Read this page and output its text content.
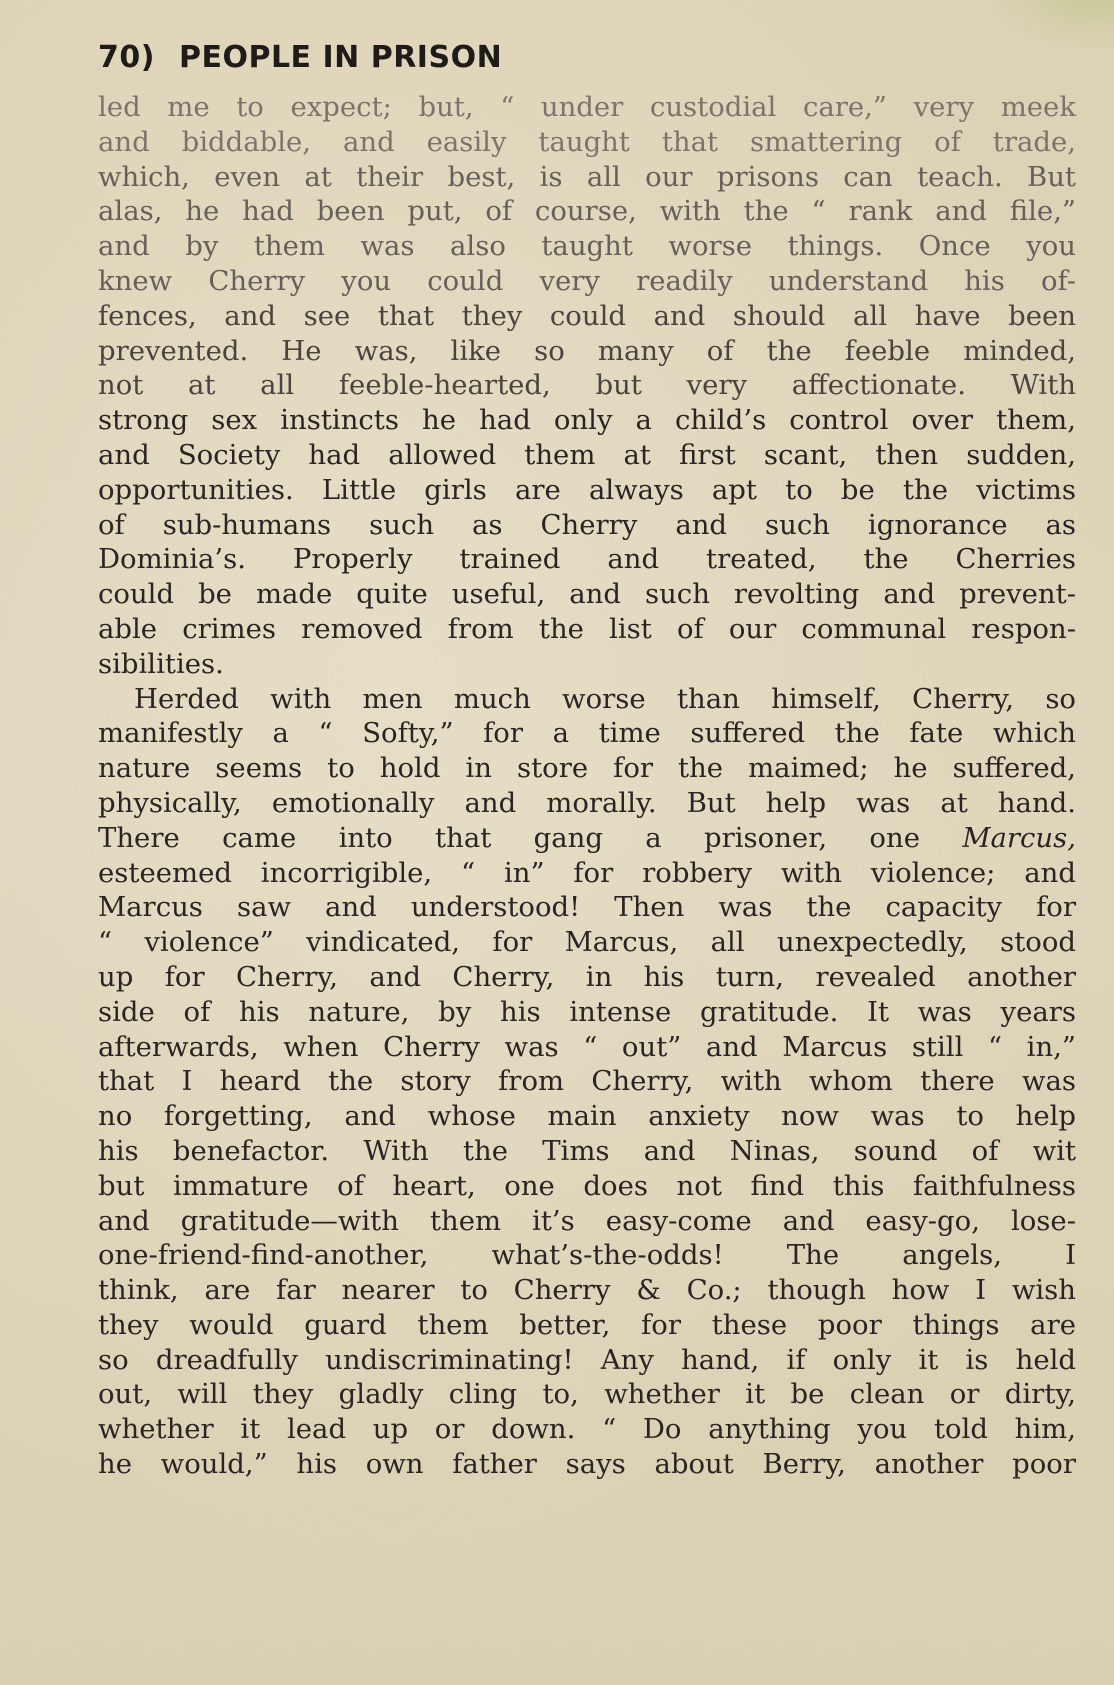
70) PEOPLE IN PRISON
led me to expect; but, “ under custodial care,” very meek
and biddable, and easily taught that smattering of trade,
which, even at their best, is all our prisons can teach. But
alas, he had been put, of course, with the “ rank and file,”
and by them was also taught worse things. Once you
knew Cherry you could very readily understand his of-
fences, and see that they could and should all have been
prevented. He was, like so many of the feeble minded,
not at all feeble-hearted, but very affectionate. With
strong sex instincts he had only a child’s control over them,
and Society had allowed them at first scant, then sudden,
opportunities. Little girls are always apt to be the victims
of sub-humans such as Cherry and such ignorance as
Dominia’s. Properly trained and treated, the Cherries
could be made quite useful, and such revolting and prevent-
able crimes removed from the list of our communal respon-
sibilities.
Herded with men much worse than himself, Cherry, so
manifestly a “ Softy,” for a time suffered the fate which
nature seems to hold in store for the maimed; he suffered,
physically, emotionally and morally. But help was at hand.
There came into that gang a prisoner, one Marcus,
esteemed incorrigible, “ in” for robbery with violence; and
Marcus saw and understood! Then was the capacity for
“ violence” vindicated, for Marcus, all unexpectedly, stood
up for Cherry, and Cherry, in his turn, revealed another
side of his nature, by his intense gratitude. It was years
afterwards, when Cherry was “ out” and Marcus still “ in,”
that I heard the story from Cherry, with whom there was
no forgetting, and whose main anxiety now was to help
his benefactor. With the Tims and Ninas, sound of wit
but immature of heart, one does not find this faithfulness
and gratitude—with them it’s easy-come and easy-go, lose-
one-friend-find-another, what’s-the-odds! The angels, I
think, are far nearer to Cherry & Co.; though how I wish
they would guard them better, for these poor things are
so dreadfully undiscriminating! Any hand, if only it is held
out, will they gladly cling to, whether it be clean or dirty,
whether it lead up or down. “ Do anything you told him,
he would,” his own father says about Berry, another poor
